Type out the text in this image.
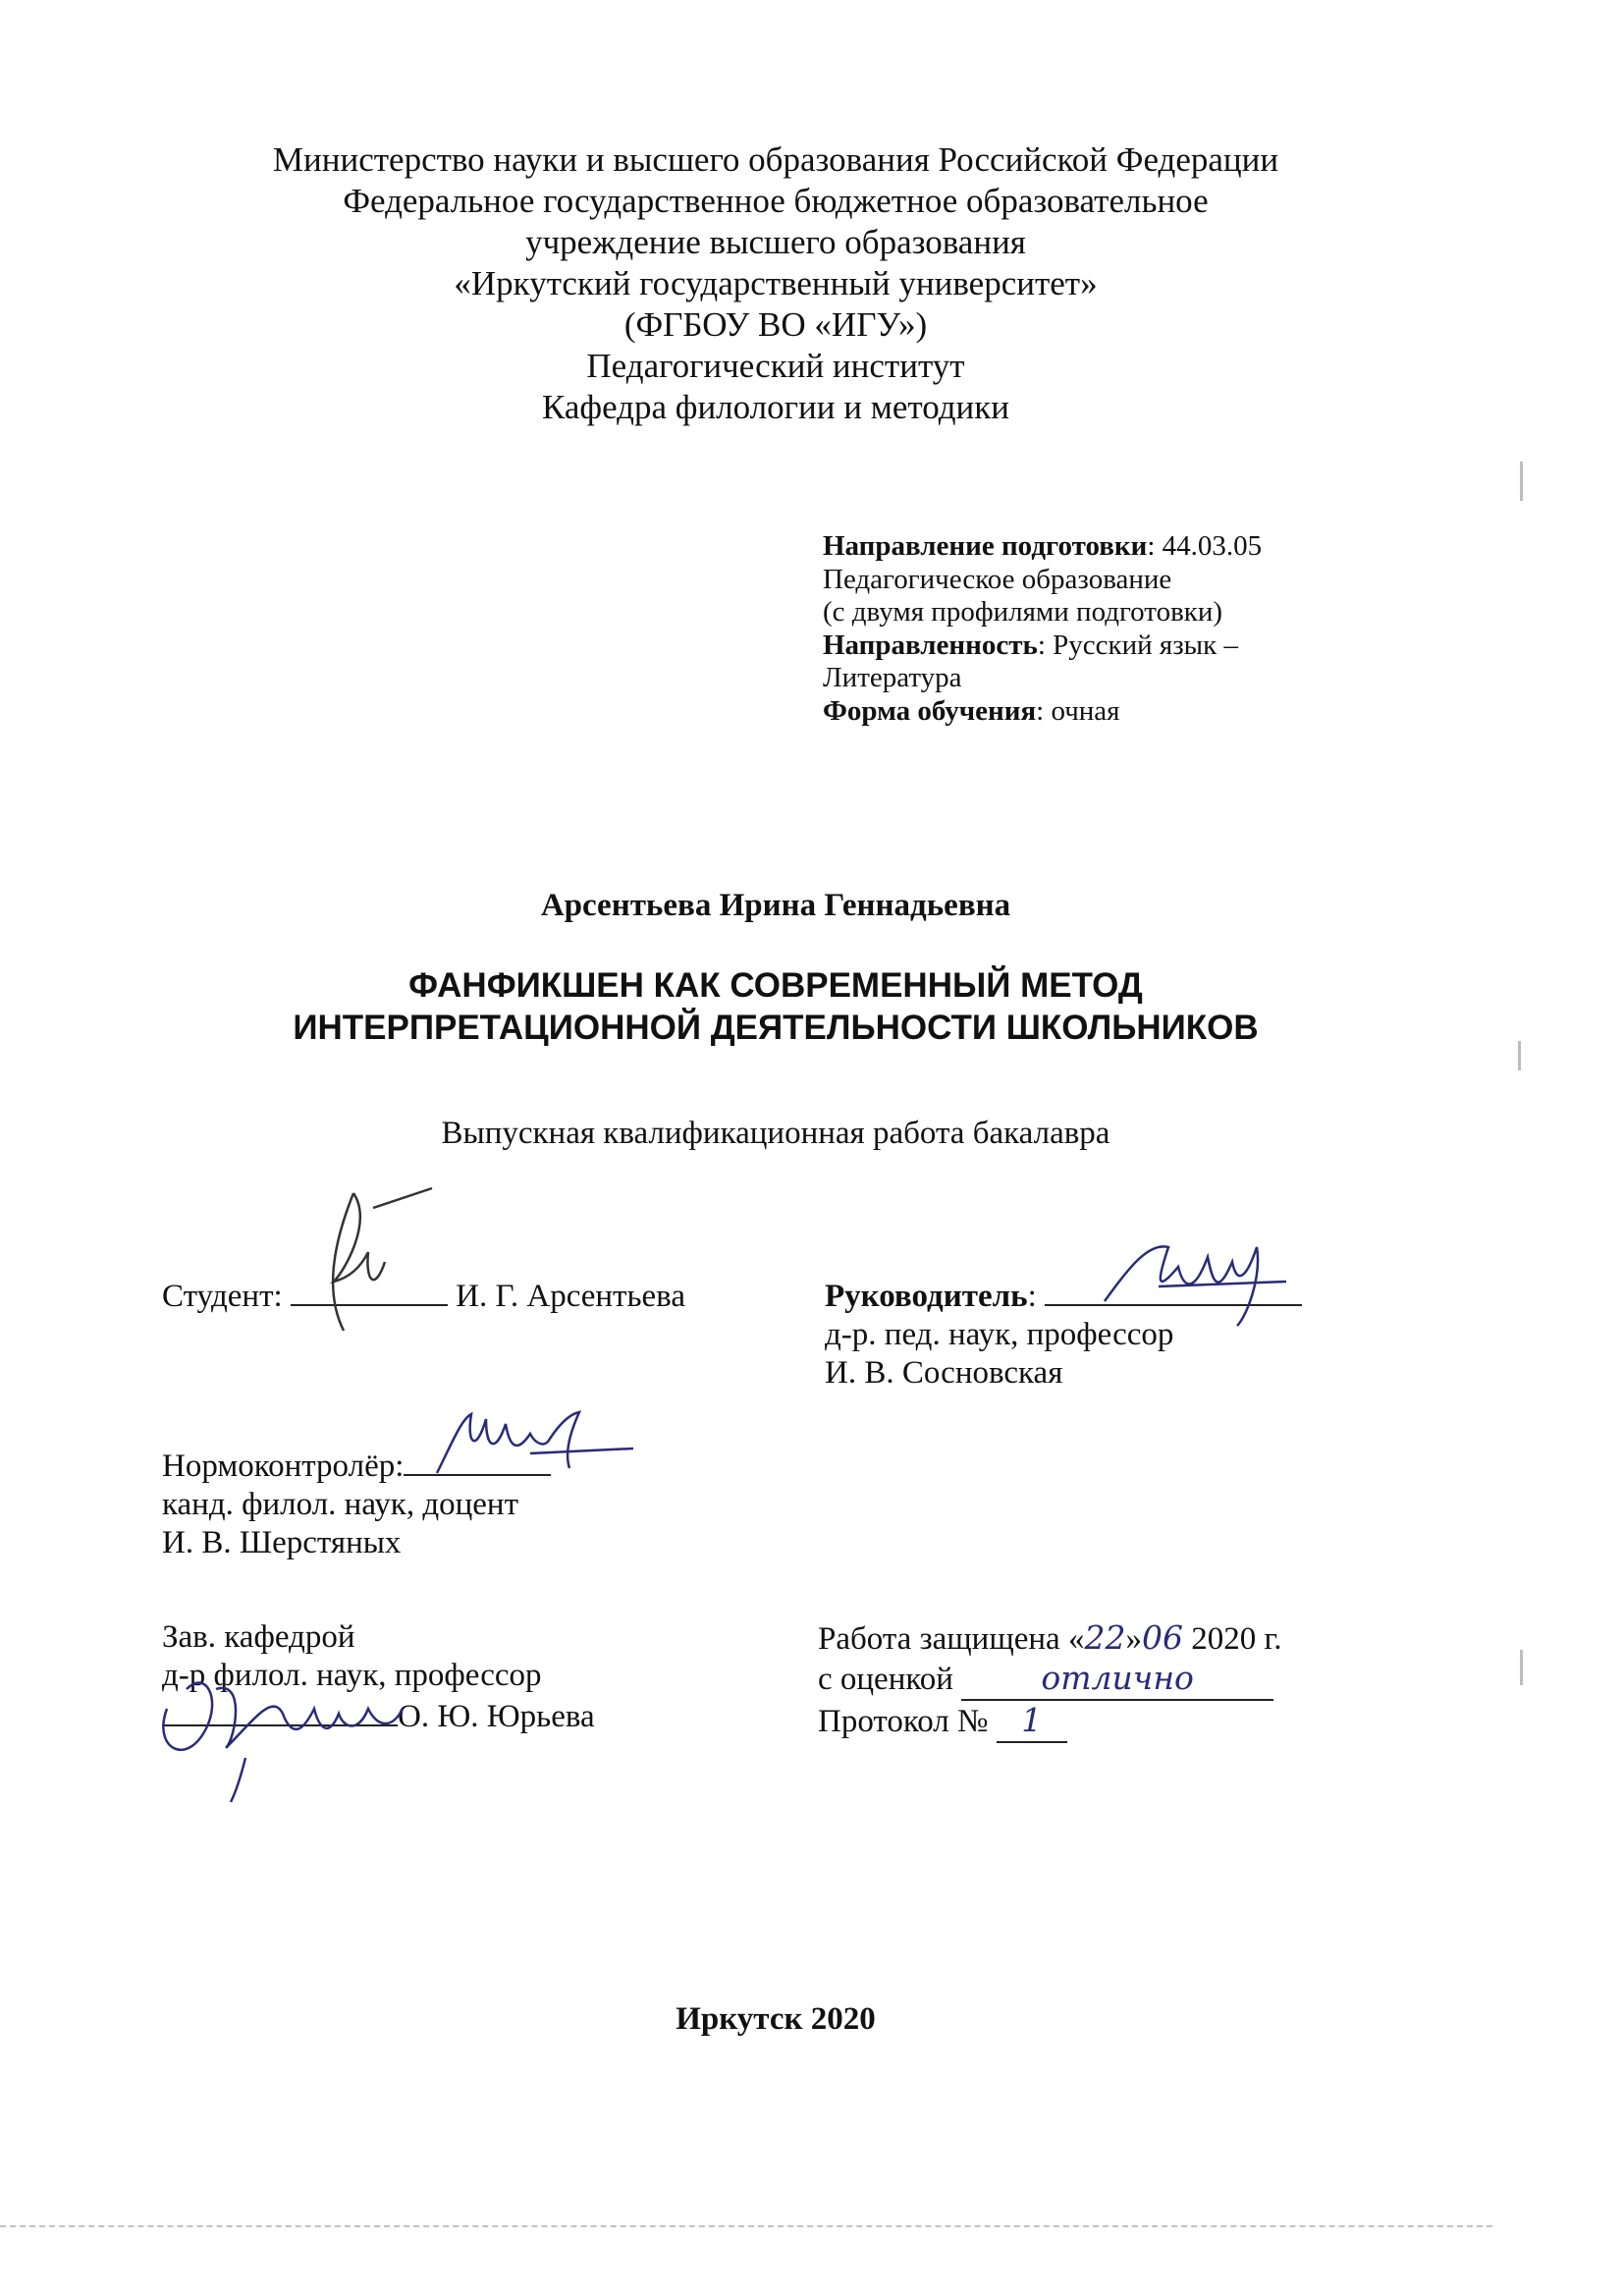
Министерство науки и высшего образования Российской Федерации
Федеральное государственное бюджетное образовательное
учреждение высшего образования
«Иркутский государственный университет»
(ФГБОУ ВО «ИГУ»)
Педагогический институт
Кафедра филологии и методики
Направление подготовки: 44.03.05
Педагогическое образование
(с двумя профилями подготовки)
Направленность: Русский язык –
Литература
Форма обучения: очная
Арсентьева Ирина Геннадьевна
ФАНФИКШЕН КАК СОВРЕМЕННЫЙ МЕТОД
ИНТЕРПРЕТАЦИОННОЙ ДЕЯТЕЛЬНОСТИ ШКОЛЬНИКОВ
Выпускная квалификационная работа бакалавра
Студент:	И. Г. Арсентьева	Руководитель:
д-р. пед. наук, профессор
И. В. Сосновская
Нормоконтролёр:
канд. филол. наук, доцент
И. В. Шерстяных
Зав. кафедрой
д-р филол. наук, профессор
О. Ю. Юрьева
Работа защищена «22»06 2020 г.
с оценкой	отлично
Протокол № 1
Иркутск 2020
